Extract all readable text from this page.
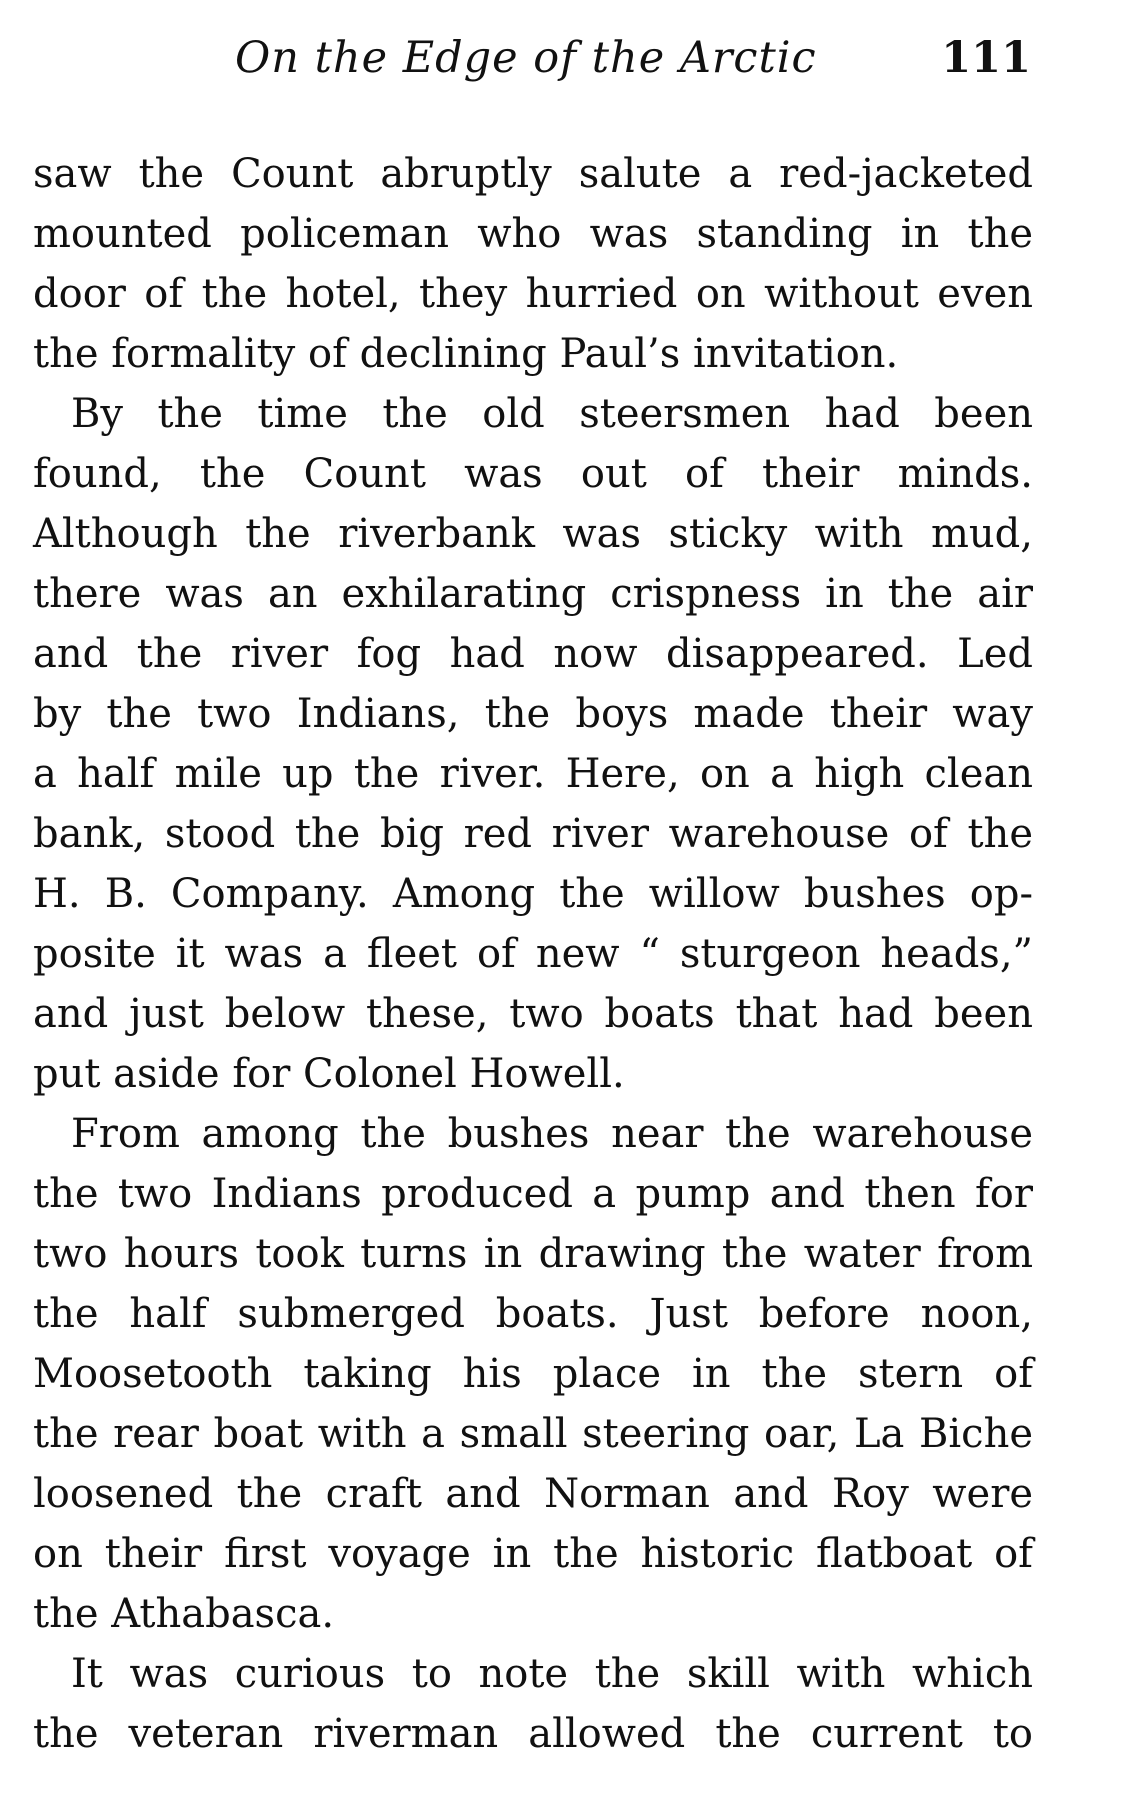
On the Edge of the Arctic	111
saw the Count abruptly salute a red-jacketed
mounted policeman who was standing in the
door of the hotel, they hurried on without even
the formality of declining Paul’s invitation.
By the time the old steersmen had been
found, the Count was out of their minds.
Although the riverbank was sticky with mud,
there was an exhilarating crispness in the air
and the river fog had now disappeared. Led
by the two Indians, the boys made their way
a half mile up the river. Here, on a high clean
bank, stood the big red river warehouse of the
H. B. Company. Among the willow bushes op-
posite it was a fleet of new “ sturgeon heads,”
and just below these, two boats that had been
put aside for Colonel Howell.
From among the bushes near the warehouse
the two Indians produced a pump and then for
two hours took turns in drawing the water from
the half submerged boats. Just before noon,
Moosetooth taking his place in the stern of
the rear boat with a small steering oar, La Biche
loosened the craft and Norman and Roy were
on their first voyage in the historic flatboat of
the Athabasca.
It was curious to note the skill with which
the veteran riverman allowed the current to
